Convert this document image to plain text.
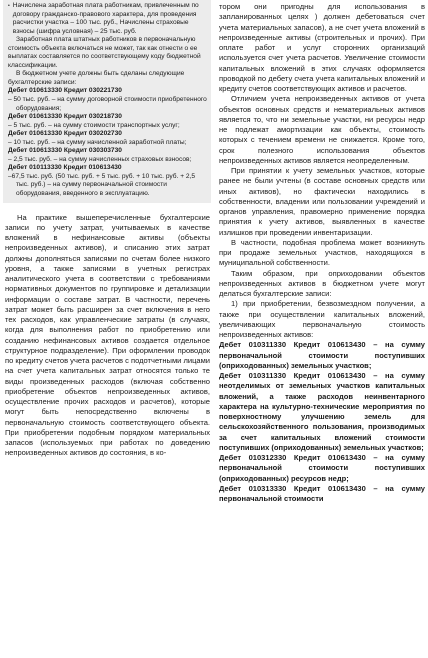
• Начислена заработная плата работникам, привлеченным по договору гражданско-правового характера, для проведения расчистки участка – 100 тыс. руб., Начислены страховые взносы (шифра условная) – 25 тыс. руб.

Заработная плата штатных работников в первоначальную стоимость объекта включаться не может, так как отнести о ее выплатах составляется по соответствующему коду бюджетной классификации.

В бюджетном учете должны быть сделаны следующие бухгалтерские записи:

Дебет 010613330 Кредит 030221730

– 50 тыс. руб. – на сумму договорной стоимости приобретенного оборудования;

Дебет 010613330 Кредит 030218730

– 5 тыс. руб. – на сумму стоимости транспортных услуг;

Дебет 010613330 Кредит 030202730

– 10 тыс. руб. – на сумму начисленной заработной платы;

Дебет 010613330 Кредит 030303730

– 2,5 тыс. руб. – на сумму начисленных страховых взносов;

Дебет 010113330 Кредит 010613430

–67,5 тыс. руб. (50 тыс. руб. + 5 тыс. руб. + 10 тыс. руб. + 2,5 тыс. руб.) – на сумму первоначальной стоимости оборудования, введенного в эксплуатацию.

На практике вышеперечисленные бухгалтерские записи по учету затрат, учитываемых в качестве вложений в нефинансовые активы (объекты непроизведенных активов), и списанию этих затрат должны дополняться записями по счетам более низкого уровня, а также записями в учетных регистрах аналитического учета в соответствии с требованиями нормативных документов по группировке и детализации информации о составе затрат. В частности, перечень затрат может быть расширен за счет включения в него тех расходов, как управленческие затраты (в случаях, когда для выполнения работ по приобретению или созданию нефинансовых активов создается отдельное структурное подразделение). При оформлении проводок по кредиту счетов учета расчетов с подотчетными лицами на счет учета капитальных затрат относятся только те виды произведенных расходов (включая собственно приобретение объектов непроизведенных активов, осуществление прочих расходов и расчетов), которые могут быть непосредственно включены в первоначальную стоимость соответствующего объекта. При приобретении подобным порядком материальных запасов (используемых при работах по доведению непроизведенных активов до состояния, в ко-

тором они пригодны для использования в запланированных целях ) должен дебетоваться счет учета материальных запасов), а не счет учета вложений в непроизведенные активы (строительных и прочих). При оплате работ и услуг сторонних организаций используется счет учета расчетов. Увеличение стоимости капитальных вложений в этих случаях оформляется проводкой по дебету счета учета капитальных вложений и кредиту счетов соответствующих активов и расчетов.

Отличием учета непроизведенных активов от учета объектов основных средств и нематериальных активов является то, что ни земельные участки, ни ресурсы недр не подлежат амортизации как объекты, стоимость которых с течением времени не снижается. Кроме того, срок полезного использования объектов непроизведенных активов является неопределенным.

При принятии к учету земельных участков, которые ранее не были учтены (в составе основных средств или иных активов), но фактически находились в собственности, владении или пользовании учреждений и органов управления, правомерно применение порядка принятия к учету активов, выявленных в качестве излишков при проведении инвентаризации.

В частности, подобная проблема может возникнуть при продаже земельных участков, находящихся в муниципальной собственности.

Таким образом, при оприходовании объектов непроизведенных активов в бюджетном учете могут делаться бухгалтерские записи:

1) при приобретении, безвозмездном получении, а также при осуществлении капитальных вложений, увеличивающих первоначальную стоимость непроизведенных активов:

Дебет 010311330 Кредит 010613430 – на сумму первоначальной стоимости поступивших (оприходованных) земельных участков;

Дебет 010311330 Кредит 010613430 – на сумму неотделимых от земельных участков капитальных вложений, а также расходов неинвентарного характера на культурно-технические мероприятия по поверхностному улучшению земель для сельскохозяйственного пользования, производимых за счет капитальных вложений стоимости поступивших (оприходованных) земельных участков;

Дебет 010312330 Кредит 010613430 – на сумму первоначальной стоимости поступивших (оприходованных) ресурсов недр;

Дебет 010313330 Кредит 010613430 – на сумму первоначальной стоимости
